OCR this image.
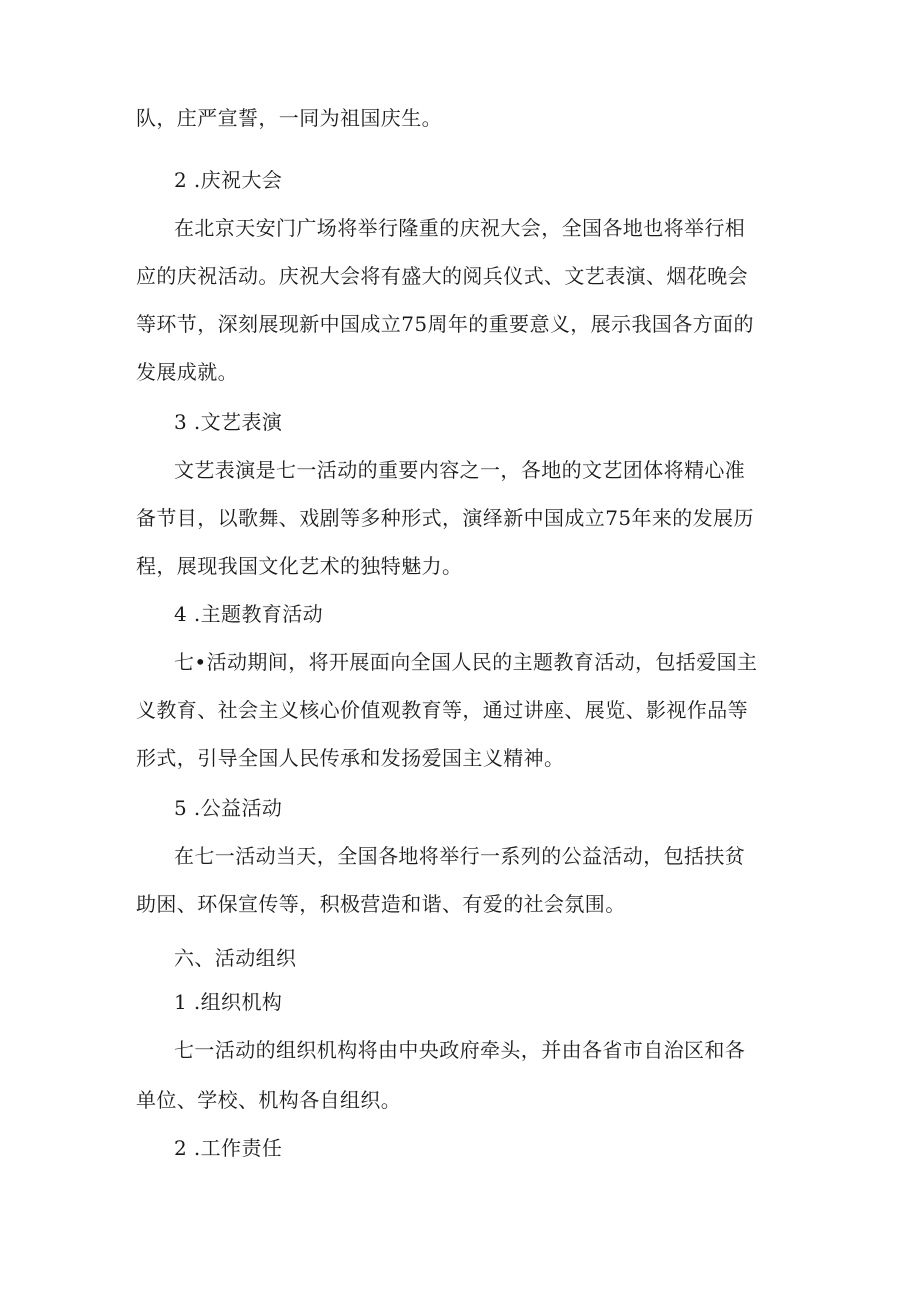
队，庄严宣誓，一同为祖国庆生。
2 .庆祝大会
在北京天安门广场将举行隆重的庆祝大会，全国各地也将举行相
应的庆祝活动。庆祝大会将有盛大的阅兵仪式、文艺表演、烟花晚会
等环节，深刻展现新中国成立75周年的重要意义，展示我国各方面的
发展成就。
3 .文艺表演
文艺表演是七一活动的重要内容之一，各地的文艺团体将精心准
备节目，以歌舞、戏剧等多种形式，演绎新中国成立75年来的发展历
程，展现我国文化艺术的独特魅力。
4 .主题教育活动
七•活动期间，将开展面向全国人民的主题教育活动，包括爱国主
义教育、社会主义核心价值观教育等，通过讲座、展览、影视作品等
形式，引导全国人民传承和发扬爱国主义精神。
5 .公益活动
在七一活动当天，全国各地将举行一系列的公益活动，包括扶贫
助困、环保宣传等，积极营造和谐、有爱的社会氛围。
六、活动组织
1 .组织机构
七一活动的组织机构将由中央政府牵头，并由各省市自治区和各
单位、学校、机构各自组织。
2 .工作责任
